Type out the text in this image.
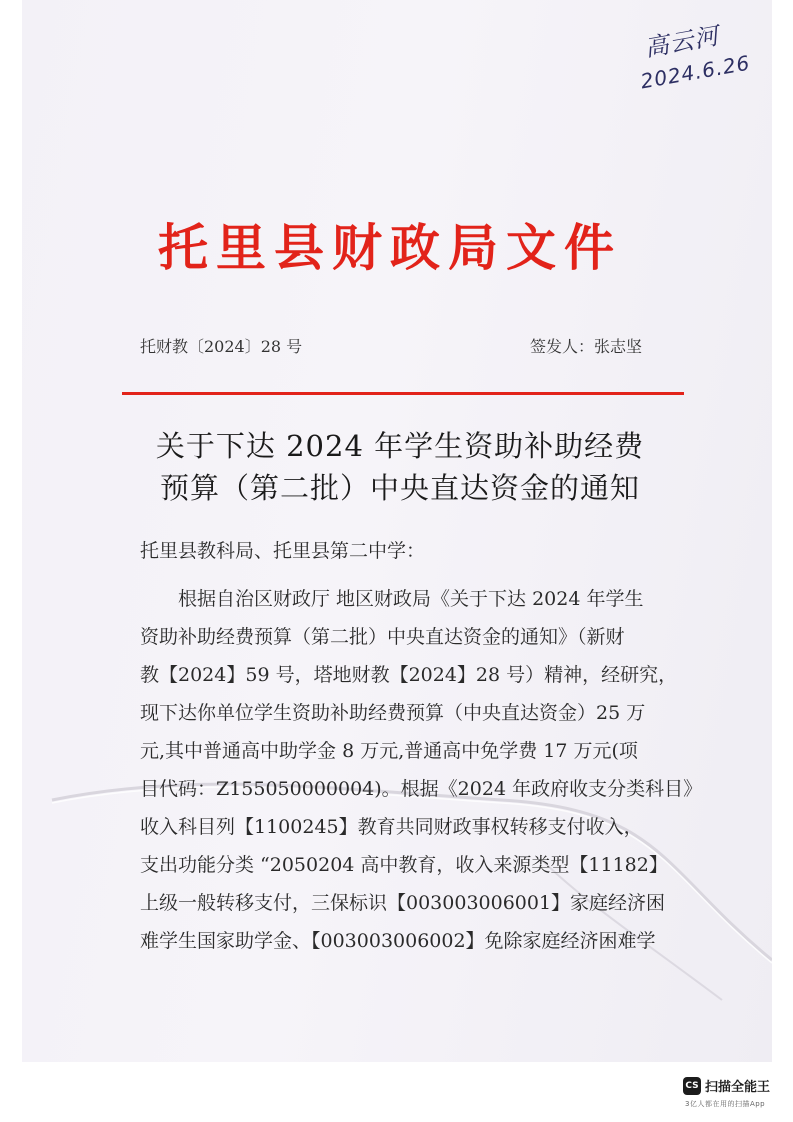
高云河
2024.6.26
托里县财政局文件
托财教〔2024〕28 号	签发人：张志坚
关于下达 2024 年学生资助补助经费
预算（第二批）中央直达资金的通知
托里县教科局、托里县第二中学：
　　根据自治区财政厅 地区财政局《关于下达 2024 年学生
资助补助经费预算（第二批）中央直达资金的通知》（新财
教【2024】59 号，塔地财教【2024】28 号）精神，经研究，
现下达你单位学生资助补助经费预算（中央直达资金）25 万
元,其中普通高中助学金 8 万元,普通高中免学费 17 万元(项
目代码：Z155050000004)。根据《2024 年政府收支分类科目》
收入科目列【1100245】教育共同财政事权转移支付收入，
支出功能分类 “2050204 高中教育，收入来源类型【11182】
上级一般转移支付，三保标识【003003006001】家庭经济困
难学生国家助学金、【003003006002】免除家庭经济困难学
CS 扫描全能王
3亿人都在用的扫描App
